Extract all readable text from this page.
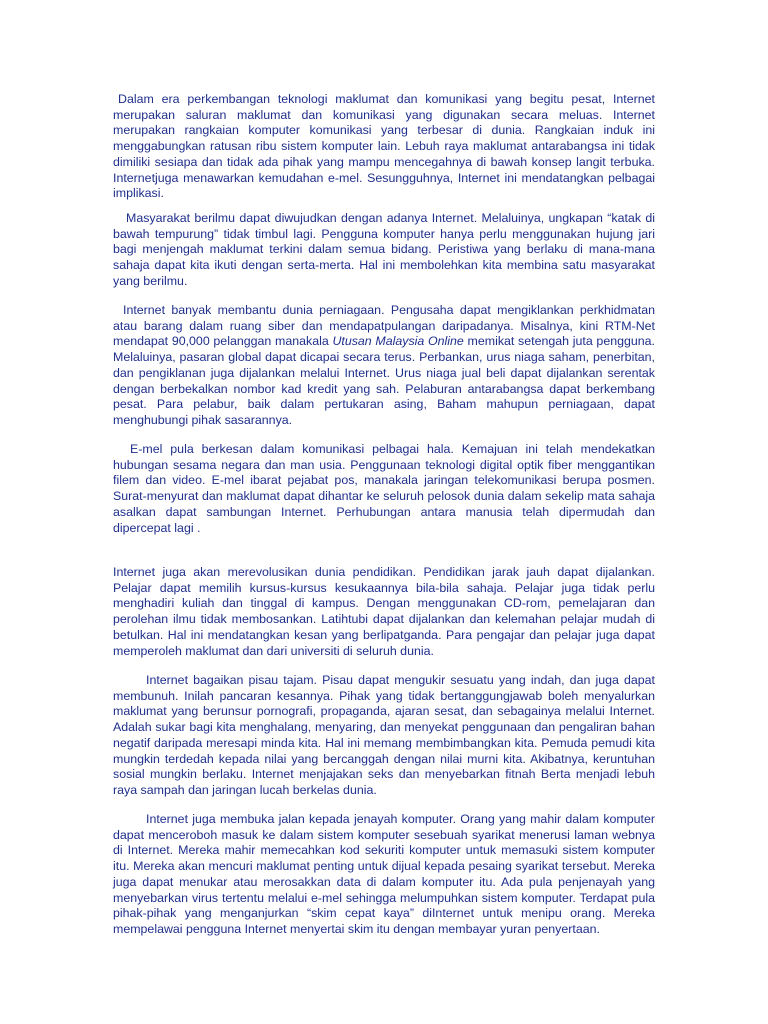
Dalam era perkembangan teknologi maklumat dan komunikasi yang begitu pesat, Internet merupakan saluran maklumat dan komunikasi yang digunakan secara meluas. Internet merupakan rangkaian komputer komunikasi yang terbesar di dunia. Rangkaian induk ini menggabungkan ratusan ribu sistem komputer lain. Lebuh raya maklumat antarabangsa ini tidak dimiliki sesiapa dan tidak ada pihak yang mampu mencegahnya di bawah konsep langit terbuka. Internetjuga menawarkan kemudahan e-mel. Sesungguhnya, Internet ini mendatangkan pelbagai implikasi.

Masyarakat berilmu dapat diwujudkan dengan adanya Internet. Melaluinya, ungkapan “katak di bawah tempurung” tidak timbul lagi. Pengguna komputer hanya perlu menggunakan hujung jari bagi menjengah maklumat terkini dalam semua bidang. Peristiwa yang berlaku di mana-mana sahaja dapat kita ikuti dengan serta-merta. Hal ini membolehkan kita membina satu masyarakat yang berilmu.

Internet banyak membantu dunia perniagaan. Pengusaha dapat mengiklankan perkhidmatan atau barang dalam ruang siber dan mendapatpulangan daripadanya. Misalnya, kini RTM-Net mendapat 90,000 pelanggan manakala Utusan Malaysia Online memikat setengah juta pengguna. Melaluinya, pasaran global dapat dicapai secara terus. Perbankan, urus niaga saham, penerbitan, dan pengiklanan juga dijalankan melalui Internet. Urus niaga jual beli dapat dijalankan serentak dengan berbekalkan nombor kad kredit yang sah. Pelaburan antarabangsa dapat berkembang pesat. Para pelabur, baik dalam pertukaran asing, Baham mahupun perniagaan, dapat menghubungi pihak sasarannya.

E-mel pula berkesan dalam komunikasi pelbagai hala. Kemajuan ini telah mendekatkan hubungan sesama negara dan man usia. Penggunaan teknologi digital optik fiber menggantikan filem dan video. E-mel ibarat pejabat pos, manakala jaringan telekomunikasi berupa posmen. Surat-menyurat dan maklumat dapat dihantar ke seluruh pelosok dunia dalam sekelip mata sahaja asalkan dapat sambungan Internet. Perhubungan antara manusia telah dipermudah dan dipercepat lagi .

Internet juga akan merevolusikan dunia pendidikan. Pendidikan jarak jauh dapat dijalankan. Pelajar dapat memilih kursus-kursus kesukaannya bila-bila sahaja. Pelajar juga tidak perlu menghadiri kuliah dan tinggal di kampus. Dengan menggunakan CD-rom, pemelajaran dan perolehan ilmu tidak membosankan. Latihtubi dapat dijalankan dan kelemahan pelajar mudah di betulkan. Hal ini mendatangkan kesan yang berlipatganda. Para pengajar dan pelajar juga dapat memperoleh maklumat dan dari universiti di seluruh dunia.

Internet bagaikan pisau tajam. Pisau dapat mengukir sesuatu yang indah, dan juga dapat membunuh. Inilah pancaran kesannya. Pihak yang tidak bertanggungjawab boleh menyalurkan maklumat yang berunsur pornografi, propaganda, ajaran sesat, dan sebagainya melalui Internet. Adalah sukar bagi kita menghalang, menyaring, dan menyekat penggunaan dan pengaliran bahan negatif daripada meresapi minda kita. Hal ini memang membimbangkan kita. Pemuda pemudi kita mungkin terdedah kepada nilai yang bercanggah dengan nilai murni kita. Akibatnya, keruntuhan sosial mungkin berlaku. Internet menjajakan seks dan menyebarkan fitnah Berta menjadi lebuh raya sampah dan jaringan lucah berkelas dunia.

Internet juga membuka jalan kepada jenayah komputer. Orang yang mahir dalam komputer dapat menceroboh masuk ke dalam sistem komputer sesebuah syarikat menerusi laman webnya di Internet. Mereka mahir memecahkan kod sekuriti komputer untuk memasuki sistem komputer itu. Mereka akan mencuri maklumat penting untuk dijual kepada pesaing syarikat tersebut. Mereka juga dapat menukar atau merosakkan data di dalam komputer itu. Ada pula penjenayah yang menyebarkan virus tertentu melalui e-mel sehingga melumpuhkan sistem komputer. Terdapat pula pihak-pihak yang menganjurkan “skim cepat kaya” diInternet untuk menipu orang. Mereka mempelawai pengguna Internet menyertai skim itu dengan membayar yuran penyertaan.
